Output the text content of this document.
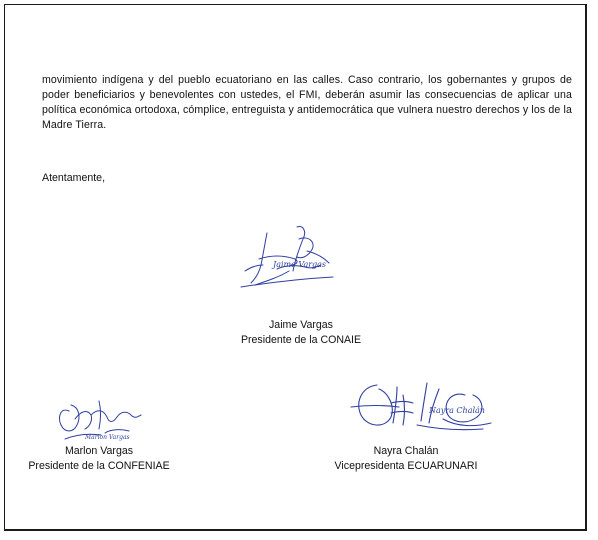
movimiento indígena y del pueblo ecuatoriano en las calles. Caso contrario, los gobernantes y grupos de poder beneficiarios y benevolentes con ustedes, el FMI, deberán asumir las consecuencias de aplicar una política económica ortodoxa, cómplice, entreguista y antidemocrática que vulnera nuestro derechos y los de la Madre Tierra.

Atentamente,

Jaime Vargas
Jaime Vargas
Presidente de la CONAIE
Marlon Vargas
Marlon Vargas
Presidente de la CONFENIAE
Nayra Chalán
Nayra Chalán
Vicepresidenta ECUARUNARI
